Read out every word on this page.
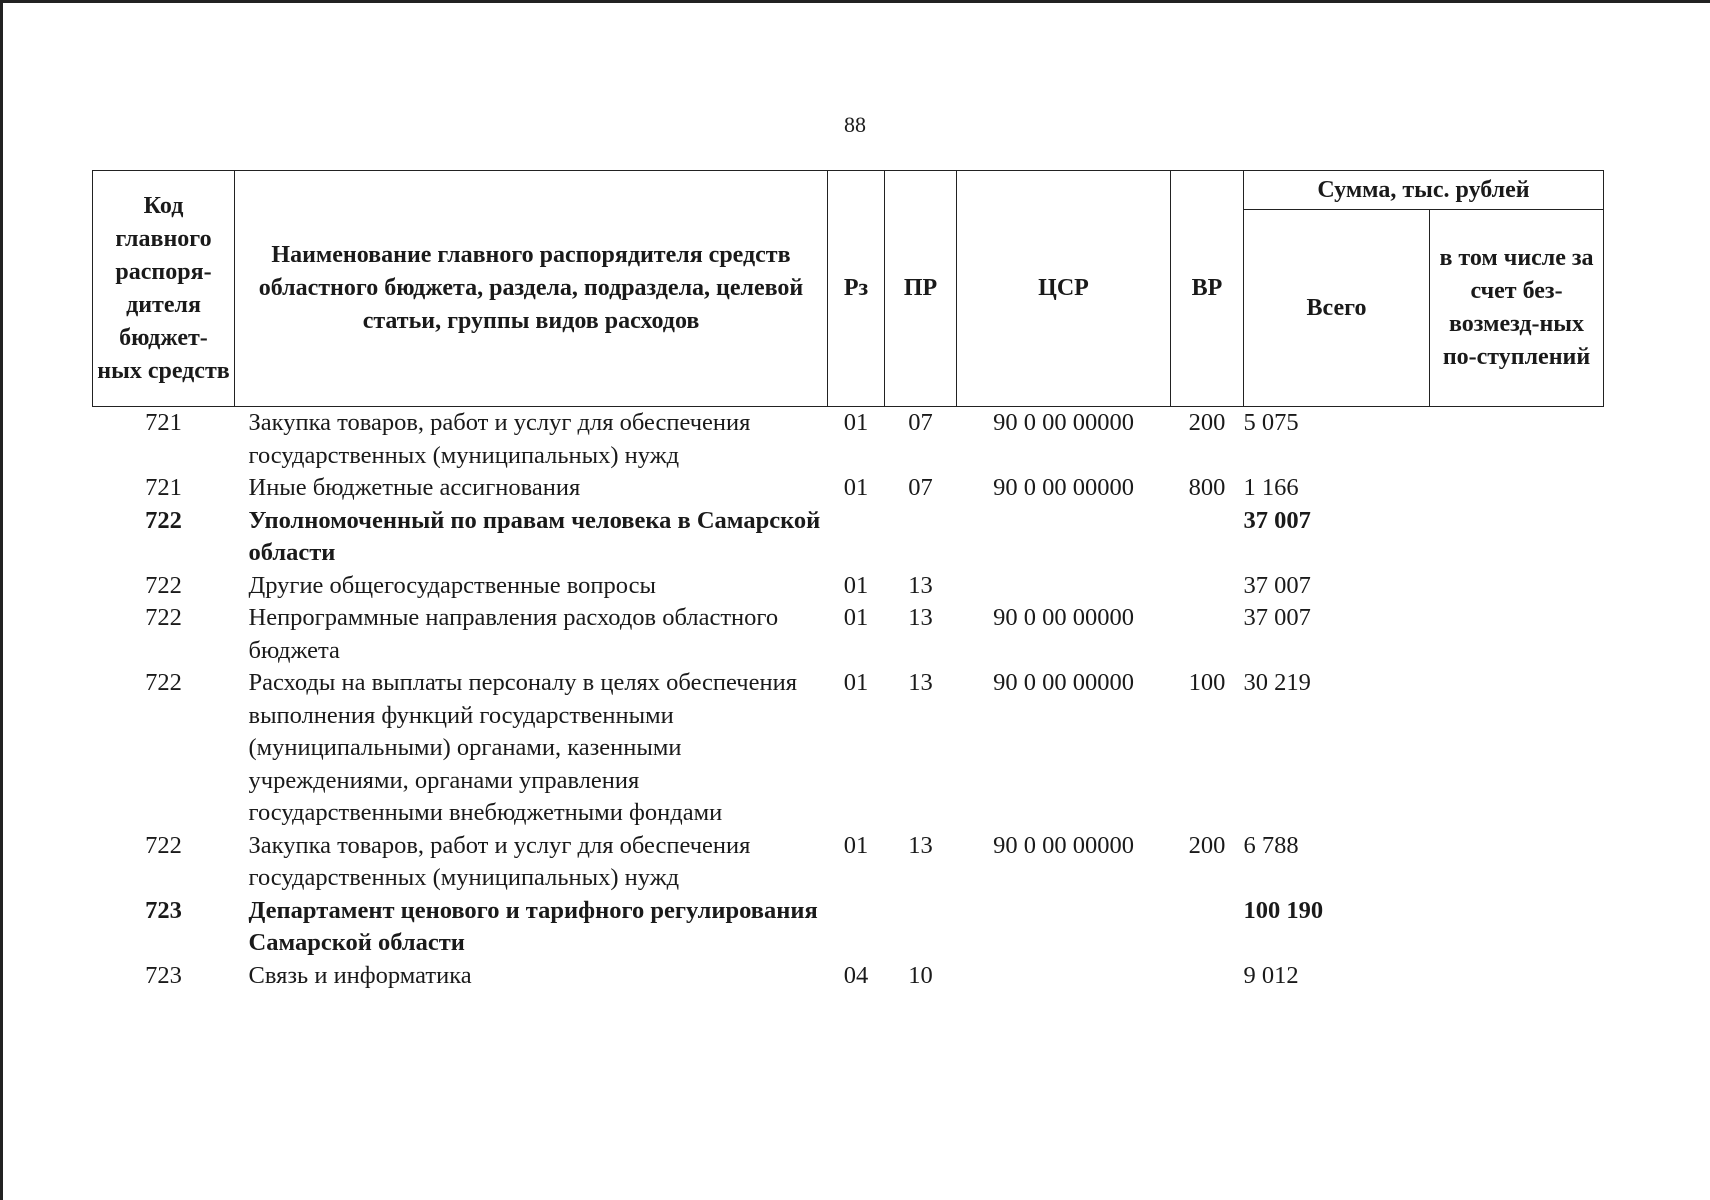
88
Код главного распоря-дителя бюджет-ных средств	Наименование главного распорядителя средств областного бюджета, раздела, подраздела, целевой статьи, группы видов расходов	Рз	ПР	ЦСР	ВР	Сумма, тыс. рублей	
						Всего	в том числе за счет без-возмезд-ных по-ступлений
721	Закупка товаров, работ и услуг для обеспечения государственных (муниципальных) нужд	01	07	90 0 00 00000	200	5 075	
721	Иные бюджетные ассигнования	01	07	90 0 00 00000	800	1 166	
722	Уполномоченный по правам человека в Самарской области					37 007	
722	Другие общегосударственные вопросы	01	13			37 007	
722	Непрограммные направления расходов областного бюджета	01	13	90 0 00 00000		37 007	
722	Расходы на выплаты персоналу в целях обеспечения выполнения функций государственными (муниципальными) органами, казенными учреждениями, органами управления государственными внебюджетными фондами	01	13	90 0 00 00000	100	30 219	
722	Закупка товаров, работ и услуг для обеспечения государственных (муниципальных) нужд	01	13	90 0 00 00000	200	6 788	
723	Департамент ценового и тарифного регулирования Самарской области					100 190	
723	Связь и информатика	04	10			9 012	
